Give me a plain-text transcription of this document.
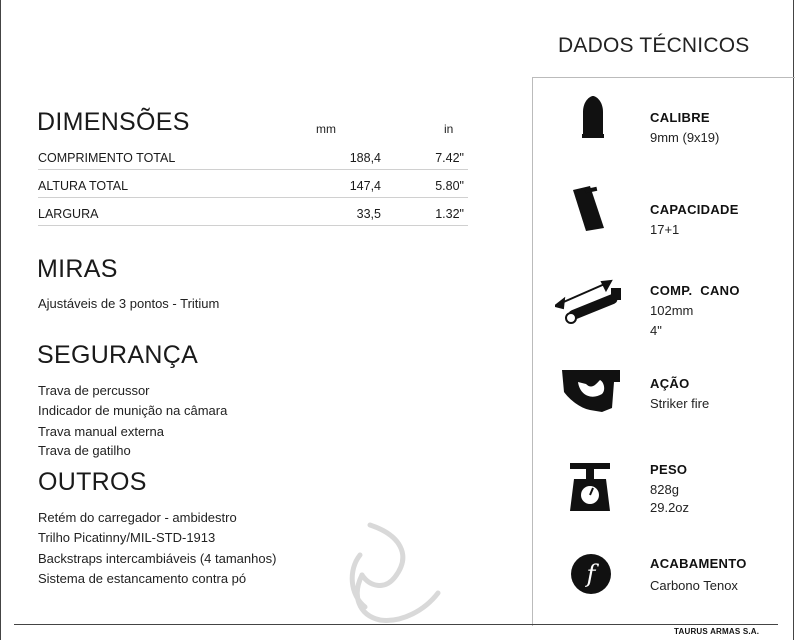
DADOS TÉCNICOS
DIMENSÕES	mm	in
COMPRIMENTO TOTAL	188,4	7.42"
ALTURA TOTAL	147,4	5.80"
LARGURA	33,5	1.32"
MIRAS
Ajustáveis de 3 pontos - Tritium
SEGURANÇA
Trava de percussor
Indicador de munição na câmara
Trava manual externa
Trava de gatilho
OUTROS
Retém do carregador - ambidestro
Trilho Picatinny/MIL-STD-1913
Backstraps intercambiáveis (4 tamanhos)
Sistema de estancamento contra pó	f
CALIBRE
9mm (9x19)
CAPACIDADE
17+1
COMP.  CANO
102mm
4"
AÇÃO
Striker fire
PESO
828g
29.2oz
ACABAMENTO
Carbono Tenox
TAURUS ARMAS S.A.
